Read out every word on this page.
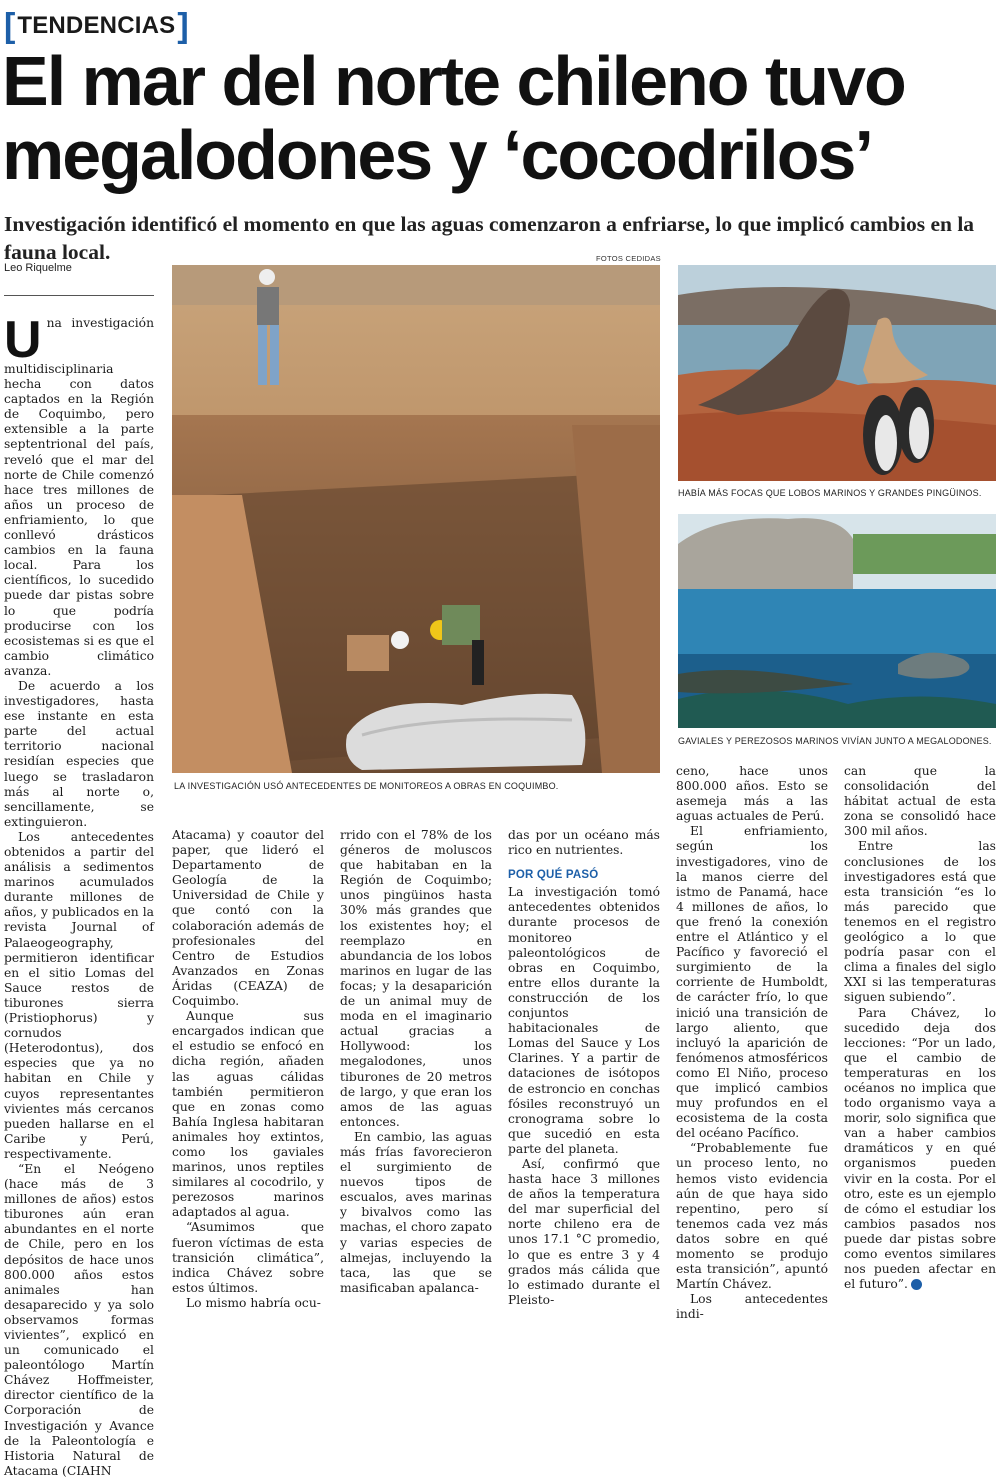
[ TENDENCIAS ]
El mar del norte chileno tuvo megalodones y ‘cocodrilos’

Investigación identificó el momento en que las aguas comenzaron a enfriarse, lo que implicó cambios en la fauna local.

Leo Riquelme
FOTOS CEDIDAS
LA INVESTIGACIÓN USÓ ANTECEDENTES DE MONITOREOS A OBRAS EN COQUIMBO.
HABÍA MÁS FOCAS QUE LOBOS MARINOS Y GRANDES PINGÜINOS.
GAVIALES Y PEREZOSOS MARINOS VIVÍAN JUNTO A MEGALODONES.

Una investigación multidisciplinaria hecha con datos captados en la Región de Coquimbo, pero extensible a la parte septentrional del país, reveló que el mar del norte de Chile comenzó hace tres millones de años un proceso de enfriamiento, lo que conllevó drásticos cambios en la fauna local. Para los científicos, lo sucedido puede dar pistas sobre lo que podría producirse con los ecosistemas si es que el cambio climático avanza.

De acuerdo a los investigadores, hasta ese instante en esta parte del actual territorio nacional residían especies que luego se trasladaron más al norte o, sencillamente, se extinguieron.

Los antecedentes obtenidos a partir del análisis a sedimentos marinos acumulados durante millones de años, y publicados en la revista Journal of Palaeogeography, permitieron identificar en el sitio Lomas del Sauce restos de tiburones sierra (Pristiophorus) y cornudos (Heterodontus), dos especies que ya no habitan en Chile y cuyos representantes vivientes más cercanos pueden hallarse en el Caribe y Perú, respectivamente.

“En el Neógeno (hace más de 3 millones de años) estos tiburones aún eran abundantes en el norte de Chile, pero en los depósitos de hace unos 800.000 años estos animales han desaparecido y ya solo observamos formas vivientes”, explicó en un comunicado el paleontólogo Martín Chávez Hoffmeister, director científico de la Corporación de Investigación y Avance de la Paleontología e Historia Natural de Atacama (CIAHN

Atacama) y coautor del paper, que lideró el Departamento de Geología de la Universidad de Chile y que contó con la colaboración además de profesionales del Centro de Estudios Avanzados en Zonas Áridas (CEAZA) de Coquimbo.

Aunque sus encargados indican que el estudio se enfocó en dicha región, añaden las aguas cálidas también permitieron que en zonas como Bahía Inglesa habitaran animales hoy extintos, como los gaviales marinos, unos reptiles similares al cocodrilo, y perezosos marinos adaptados al agua.

“Asumimos que fueron víctimas de esta transición climática”, indica Chávez sobre estos últimos.

Lo mismo habría ocu-

rrido con el 78% de los géneros de moluscos que habitaban en la Región de Coquimbo; unos pingüinos hasta 30% más grandes que los existentes hoy; el reemplazo en abundancia de los lobos marinos en lugar de las focas; y la desaparición de un animal muy de moda en el imaginario actual gracias a Hollywood: los megalodones, unos tiburones de 20 metros de largo, y que eran los amos de las aguas entonces.

En cambio, las aguas más frías favorecieron el surgimiento de nuevos tipos de escualos, aves marinas y bivalvos como las machas, el choro zapato y varias especies de almejas, incluyendo la taca, las que se masificaban apalanca-

das por un océano más rico en nutrientes.

POR QUÉ PASÓ

La investigación tomó antecedentes obtenidos durante procesos de monitoreo paleontológicos de obras en Coquimbo, entre ellos durante la construcción de los conjuntos habitacionales de Lomas del Sauce y Los Clarines. Y a partir de dataciones de isótopos de estroncio en conchas fósiles reconstruyó un cronograma sobre lo que sucedió en esta parte del planeta.

Así, confirmó que hasta hace 3 millones de años la temperatura del mar superficial del norte chileno era de unos 17.1 °C promedio, lo que es entre 3 y 4 grados más cálida que lo estimado durante el Pleisto-

ceno, hace unos 800.000 años. Esto se asemeja más a las aguas actuales de Perú.

El enfriamiento, según los investigadores, vino de la manos cierre del istmo de Panamá, hace 4 millones de años, lo que frenó la conexión entre el Atlántico y el Pacífico y favoreció el surgimiento de la corriente de Humboldt, de carácter frío, lo que inició una transición de largo aliento, que incluyó la aparición de fenómenos atmosféricos como El Niño, proceso que implicó cambios muy profundos en el ecosistema de la costa del océano Pacífico.

“Probablemente fue un proceso lento, no hemos visto evidencia aún de que haya sido repentino, pero sí tenemos cada vez más datos sobre en qué momento se produjo esta transición”, apuntó Martín Chávez.

Los antecedentes indi-

can que la consolidación del hábitat actual de esta zona se consolidó hace 300 mil años.

Entre las conclusiones de los investigadores está que esta transición “es lo más parecido que tenemos en el registro geológico a lo que podría pasar con el clima a finales del siglo XXI si las temperaturas siguen subiendo”.

Para Chávez, lo sucedido deja dos lecciones: “Por un lado, que el cambio de temperaturas en los océanos no implica que todo organismo vaya a morir, solo significa que van a haber cambios dramáticos y en qué organismos pueden vivir en la costa. Por el otro, este es un ejemplo de cómo el estudiar los cambios pasados nos puede dar pistas sobre como eventos similares nos pueden afectar en el futuro”. ✪
